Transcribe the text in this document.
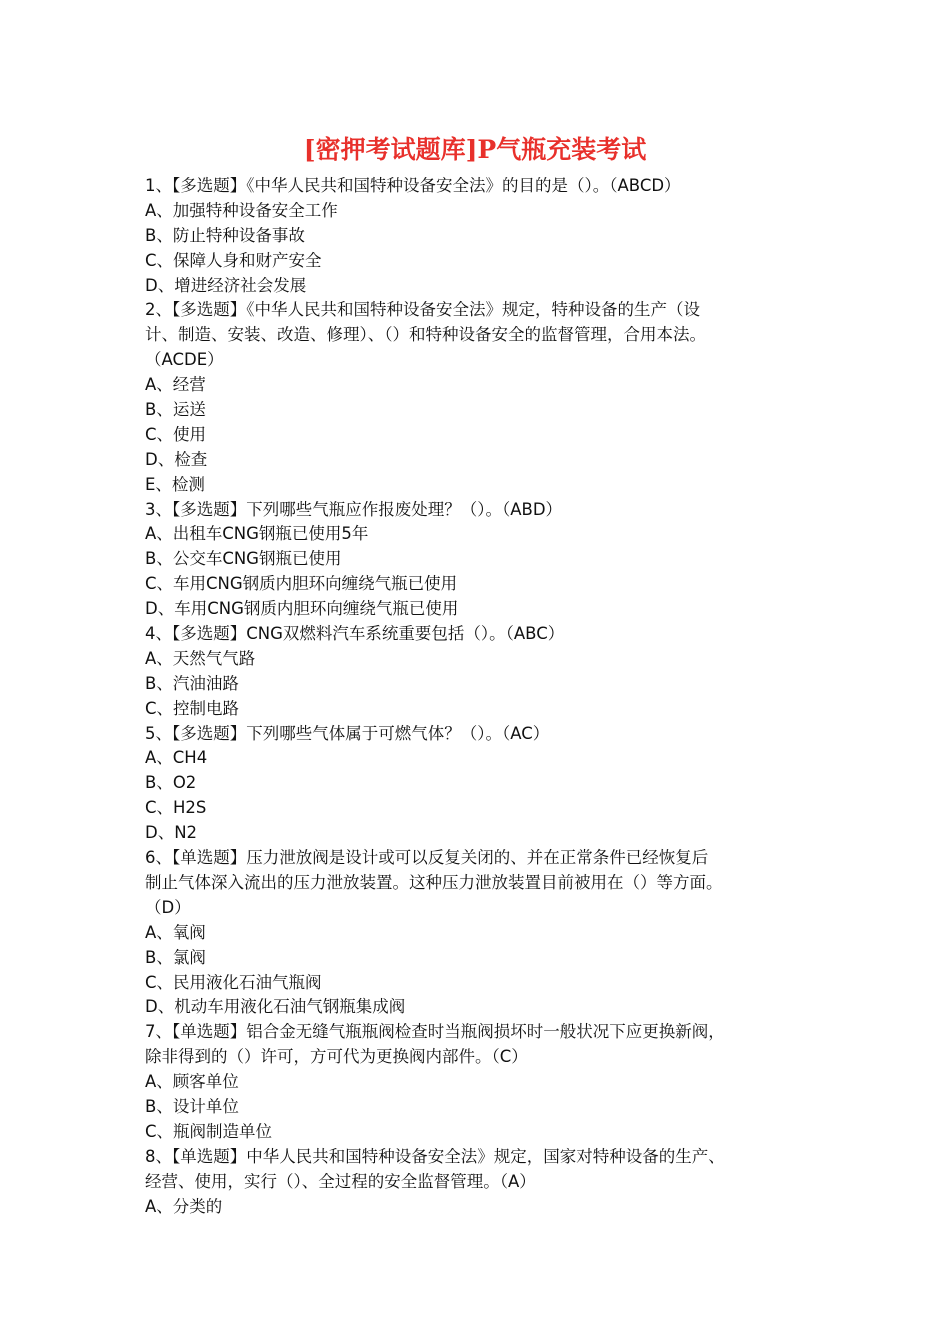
[密押考试题库]P气瓶充装考试
1、【多选题】《中华人民共和国特种设备安全法》的目的是（）。（ABCD）
A、加强特种设备安全工作
B、防止特种设备事故
C、保障人身和财产安全
D、增进经济社会发展
2、【多选题】《中华人民共和国特种设备安全法》规定，特种设备的生产（设
计、制造、安装、改造、修理）、（）和特种设备安全的监督管理，合用本法。
（ACDE）
A、经营
B、运送
C、使用
D、检查
E、检测
3、【多选题】下列哪些气瓶应作报废处理？（）。（ABD）
A、出租车CNG钢瓶已使用5年
B、公交车CNG钢瓶已使用
C、车用CNG钢质内胆环向缠绕气瓶已使用
D、车用CNG钢质内胆环向缠绕气瓶已使用
4、【多选题】CNG双燃料汽车系统重要包括（）。（ABC）
A、天然气气路
B、汽油油路
C、控制电路
5、【多选题】下列哪些气体属于可燃气体？（）。（AC）
A、CH4
B、O2
C、H2S
D、N2
6、【单选题】压力泄放阀是设计或可以反复关闭的、并在正常条件已经恢复后
制止气体深入流出的压力泄放装置。这种压力泄放装置目前被用在（）等方面。
（D）
A、氧阀
B、氯阀
C、民用液化石油气瓶阀
D、机动车用液化石油气钢瓶集成阀
7、【单选题】铝合金无缝气瓶瓶阀检查时当瓶阀损坏时一般状况下应更换新阀，
除非得到的（）许可，方可代为更换阀内部件。（C）
A、顾客单位
B、设计单位
C、瓶阀制造单位
8、【单选题】中华人民共和国特种设备安全法》规定，国家对特种设备的生产、
经营、使用，实行（）、全过程的安全监督管理。（A）
A、分类的
